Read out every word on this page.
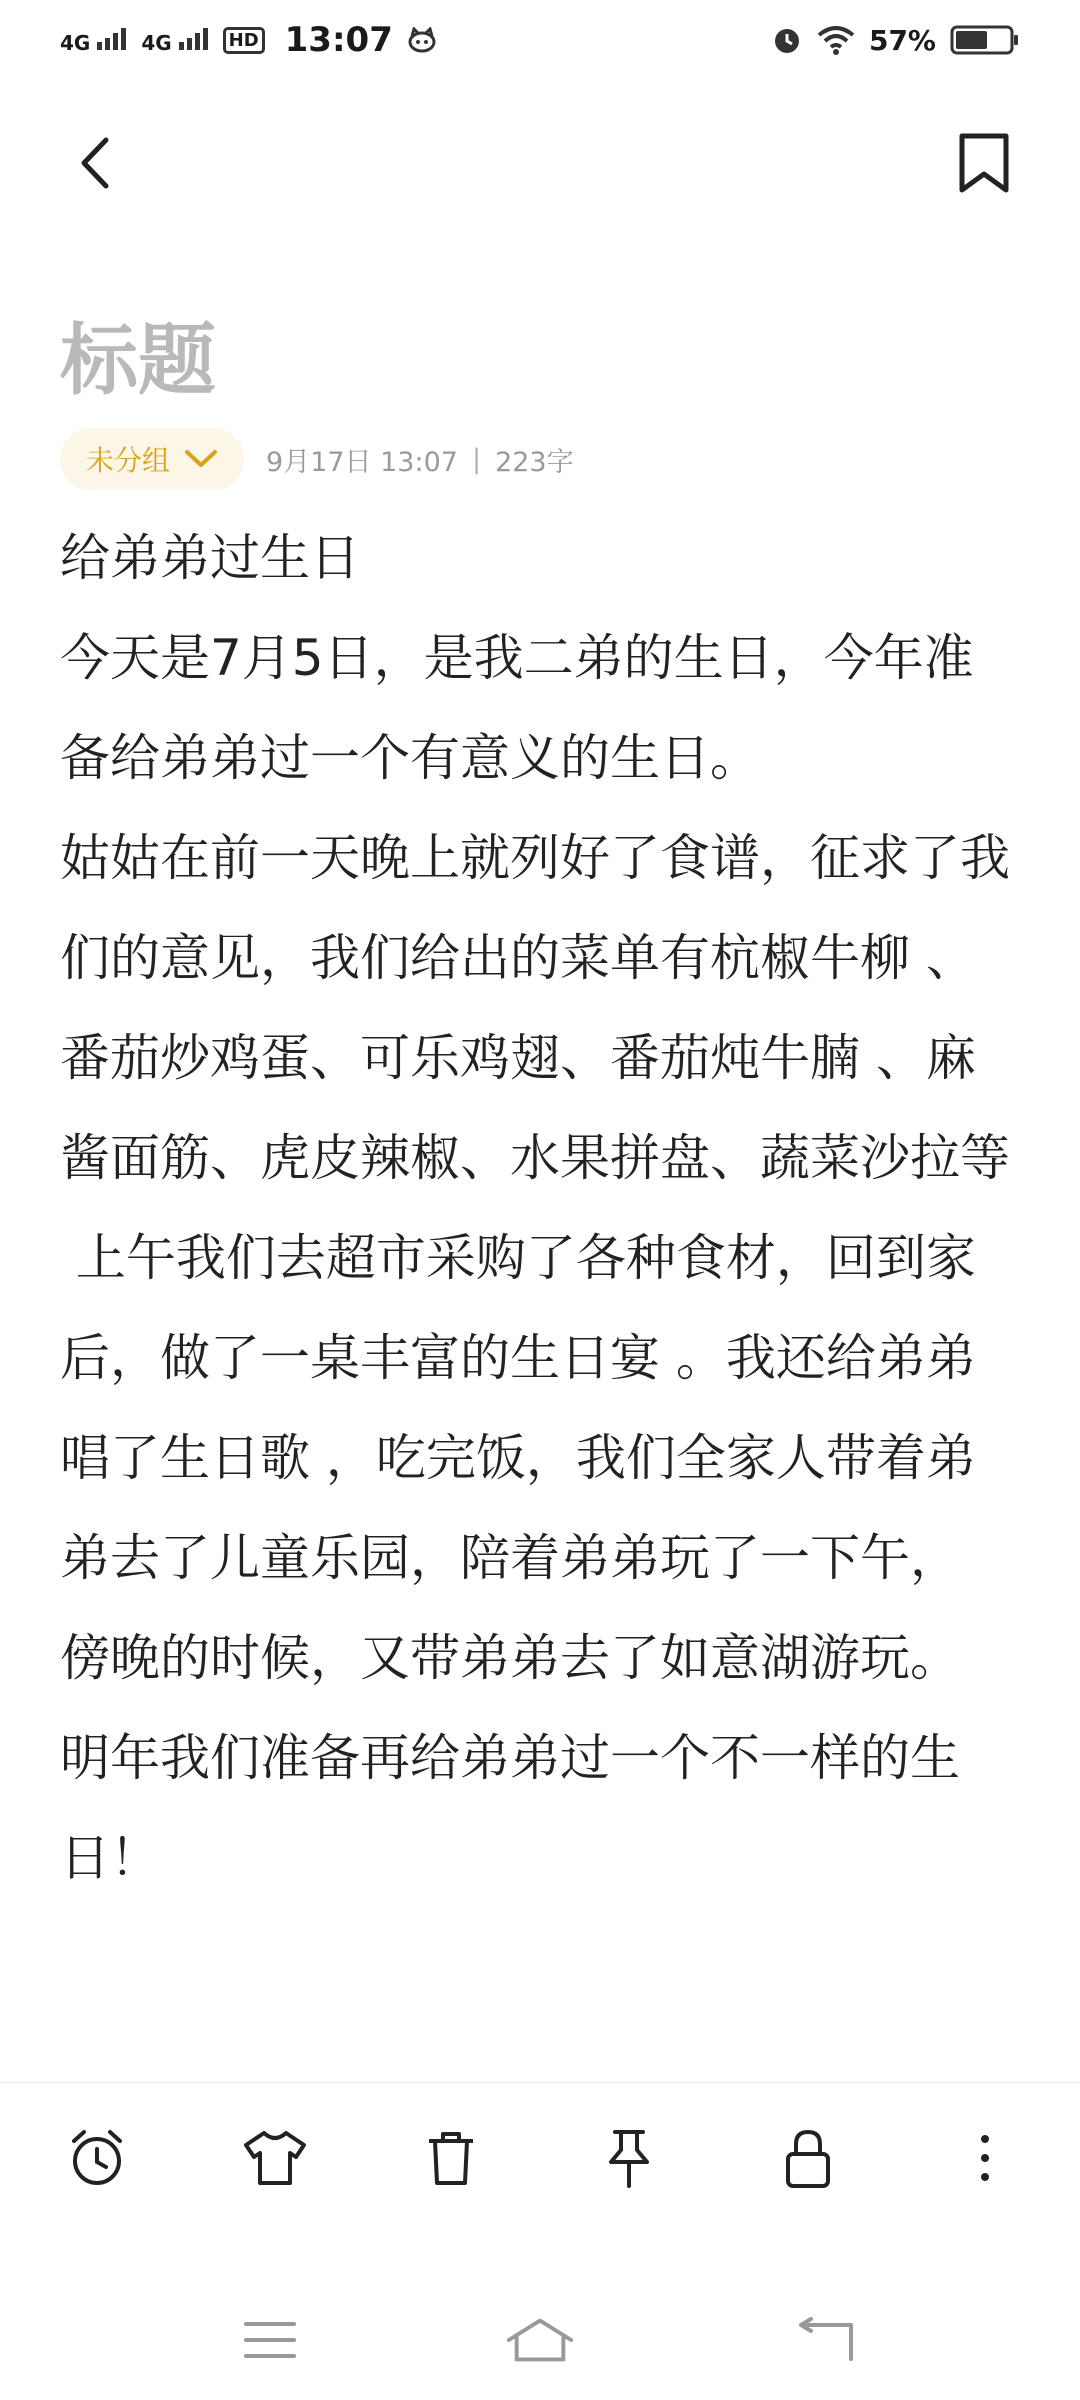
4G	4G	HD 13:07	57%
标题
未分组	9月17日 13:07 | 223字

给弟弟过生日

今天是7月5日，是我二弟的生日，今年准备给弟弟过一个有意义的生日。

姑姑在前一天晚上就列好了食谱，征求了我们的意见，我们给出的菜单有杭椒牛柳 、番茄炒鸡蛋、可乐鸡翅、番茄炖牛腩 、麻酱面筋、虎皮辣椒、水果拼盘、蔬菜沙拉等

上午我们去超市采购了各种食材，回到家后，做了一桌丰富的生日宴 。我还给弟弟唱了生日歌 ，吃完饭，我们全家人带着弟弟去了儿童乐园，陪着弟弟玩了一下午， 傍晚的时候，又带弟弟去了如意湖游玩。

明年我们准备再给弟弟过一个不一样的生日！
